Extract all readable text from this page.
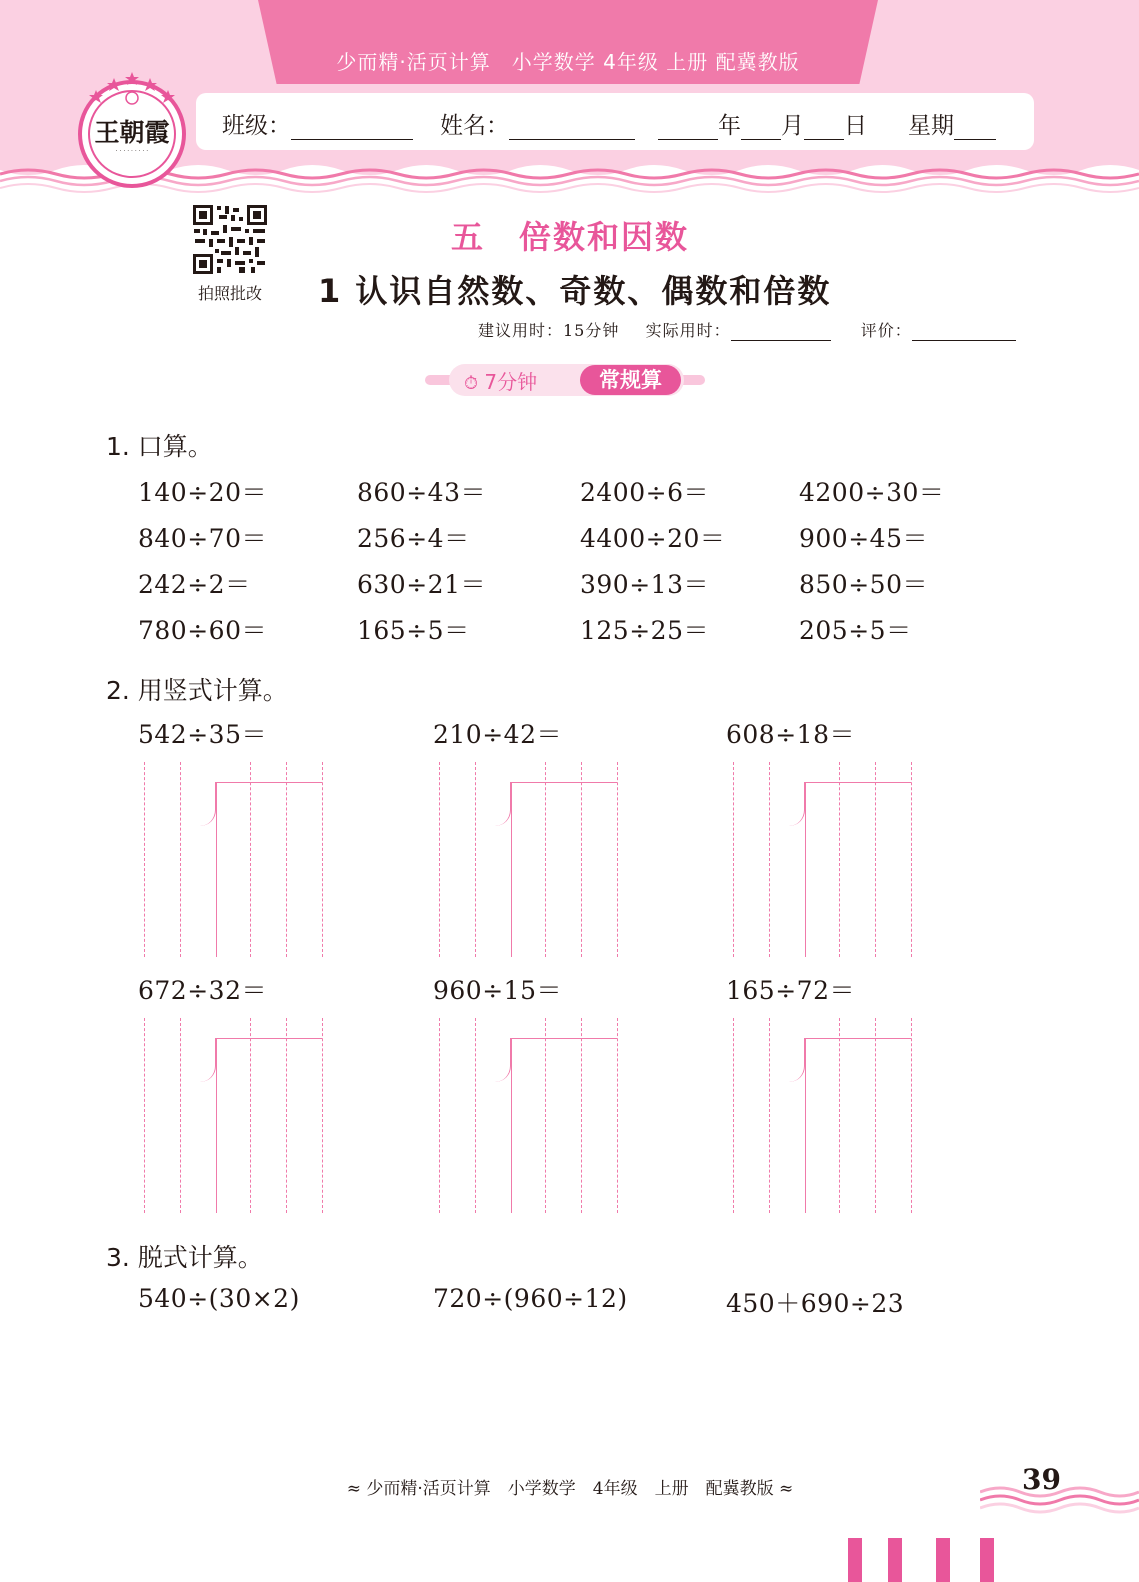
少而精·活页计算　小学数学 4年级 上册 配冀教版
班级：	姓名：	年 月 日 星期
王朝霞
· · · · · · · · ·
拍照批改
五　倍数和因数
1 认识自然数、奇数、偶数和倍数
建议用时：15分钟 实际用时：	评价：
⏱ 7分钟	常规算
1. 口算。
140÷20＝	860÷43＝	2400÷6＝	4200÷30＝
840÷70＝	256÷4＝	4400÷20＝	900÷45＝
242÷2＝	630÷21＝	390÷13＝	850÷50＝
780÷60＝	165÷5＝	125÷25＝	205÷5＝
2. 用竖式计算。
542÷35＝	210÷42＝	608÷18＝
672÷32＝	960÷15＝	165÷72＝
3. 脱式计算。
540÷(30×2)	720÷(960÷12)	450＋690÷23
≈ 少而精·活页计算　小学数学　4年级　上册　配冀教版 ≈	39
